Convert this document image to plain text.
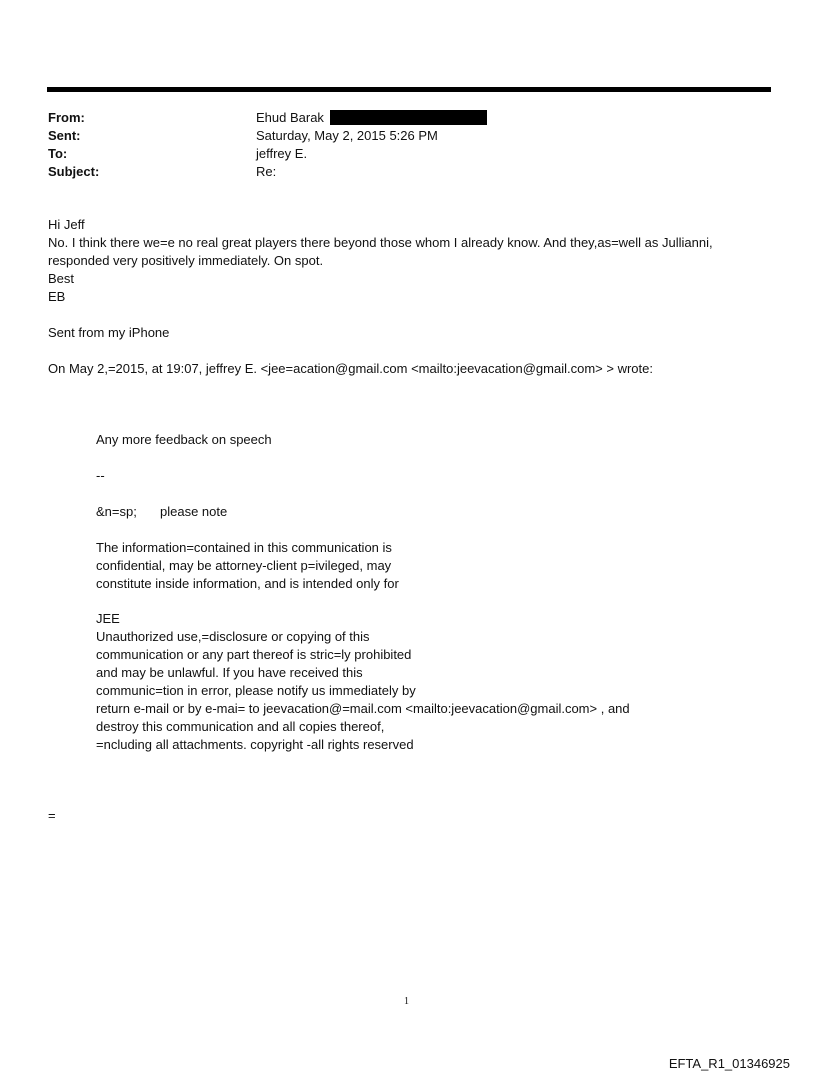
From:	Ehud Barak
Sent:	Saturday, May 2, 2015 5:26 PM
To:	jeffrey E.
Subject:	Re:
Hi Jeff
No. I think there we=e no real great players there beyond those whom I already know. And they,as=well as Jullianni,
responded very positively immediately. On spot.
Best
EB
Sent from my iPhone
On May 2,=2015, at 19:07, jeffrey E. <jee=acation@gmail.com <mailto:jeevacation@gmail.com> > wrote:
Any more feedback on speech
--
&n=sp; please note
The information=contained in this communication is
confidential, may be attorney-client p=ivileged, may
constitute inside information, and is intended only for
JEE
Unauthorized use,=disclosure or copying of this
communication or any part thereof is stric=ly prohibited
and may be unlawful. If you have received this
communic=tion in error, please notify us immediately by
return e-mail or by e-mai= to jeevacation@=mail.com <mailto:jeevacation@gmail.com> , and
destroy this communication and all copies thereof,
=ncluding all attachments. copyright -all rights reserved
=
1
EFTA_R1_01346925
